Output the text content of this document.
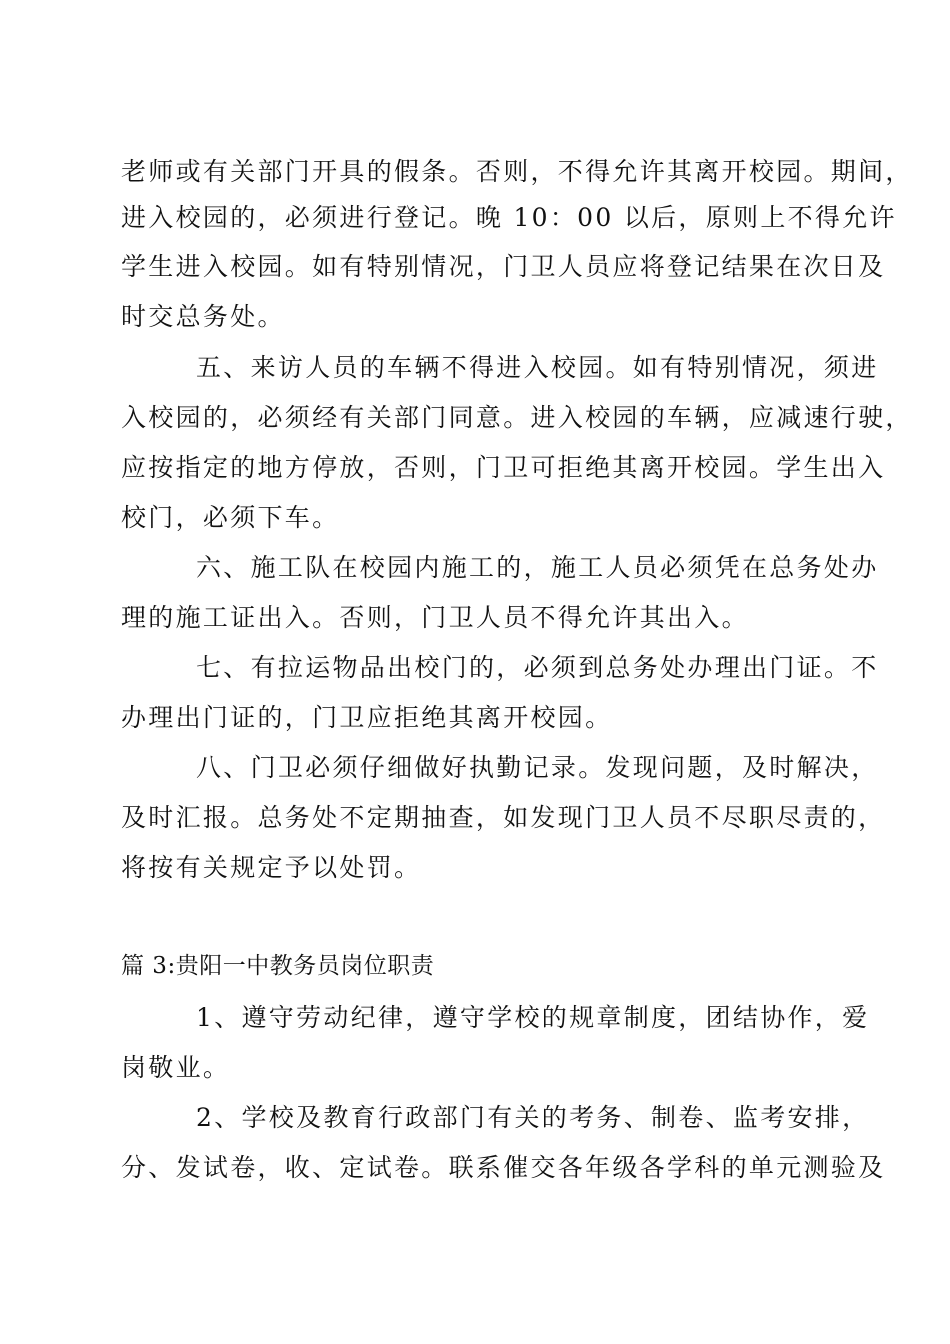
老师或有关部门开具的假条。否则，不得允许其离开校园。期间，
进入校园的，必须进行登记。晚 10：00 以后，原则上不得允许
学生进入校园。如有特别情况，门卫人员应将登记结果在次日及
时交总务处。
五、来访人员的车辆不得进入校园。如有特别情况，须进
入校园的，必须经有关部门同意。进入校园的车辆，应减速行驶，
应按指定的地方停放，否则，门卫可拒绝其离开校园。学生出入
校门，必须下车。
六、施工队在校园内施工的，施工人员必须凭在总务处办
理的施工证出入。否则，门卫人员不得允许其出入。
七、有拉运物品出校门的，必须到总务处办理出门证。不
办理出门证的，门卫应拒绝其离开校园。
八、门卫必须仔细做好执勤记录。发现问题，及时解决，
及时汇报。总务处不定期抽查，如发现门卫人员不尽职尽责的，
将按有关规定予以处罚。
篇 3:贵阳一中教务员岗位职责
1、遵守劳动纪律，遵守学校的规章制度，团结协作，爱
岗敬业。
2、学校及教育行政部门有关的考务、制卷、监考安排，
分、发试卷，收、定试卷。联系催交各年级各学科的单元测验及
